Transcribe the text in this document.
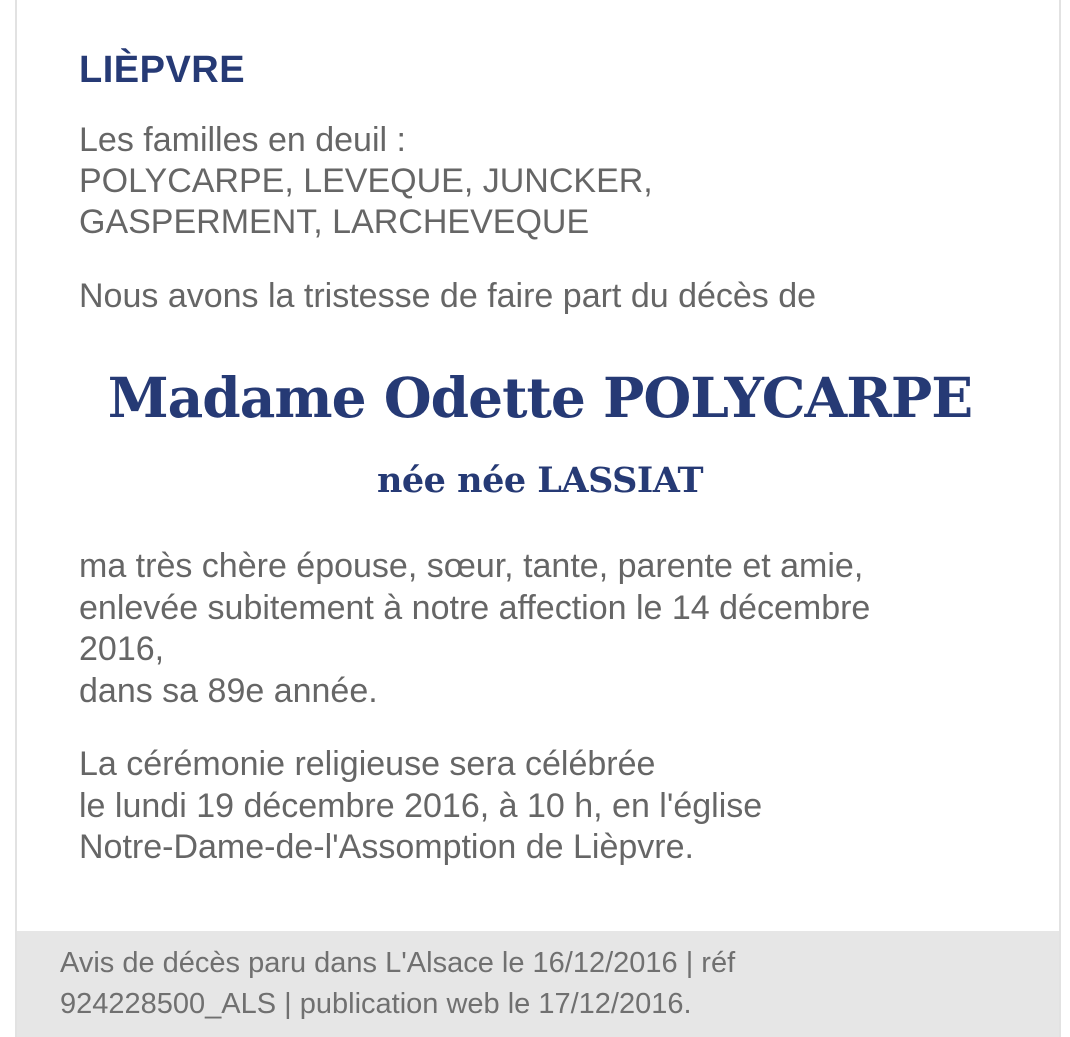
LIÈPVRE

Les familles en deuil :
POLYCARPE, LEVEQUE, JUNCKER,
GASPERMENT, LARCHEVEQUE

Nous avons la tristesse de faire part du décès de

Madame Odette POLYCARPE
née née LASSIAT

ma très chère épouse, sœur, tante, parente et amie,
enlevée subitement à notre affection le 14 décembre
2016,
dans sa 89e année.

La cérémonie religieuse sera célébrée
le lundi 19 décembre 2016, à 10 h, en l'église
Notre-Dame-de-l'Assomption de Lièpvre.

Avis de décès paru dans L'Alsace le 16/12/2016 | réf
924228500_ALS | publication web le 17/12/2016.
